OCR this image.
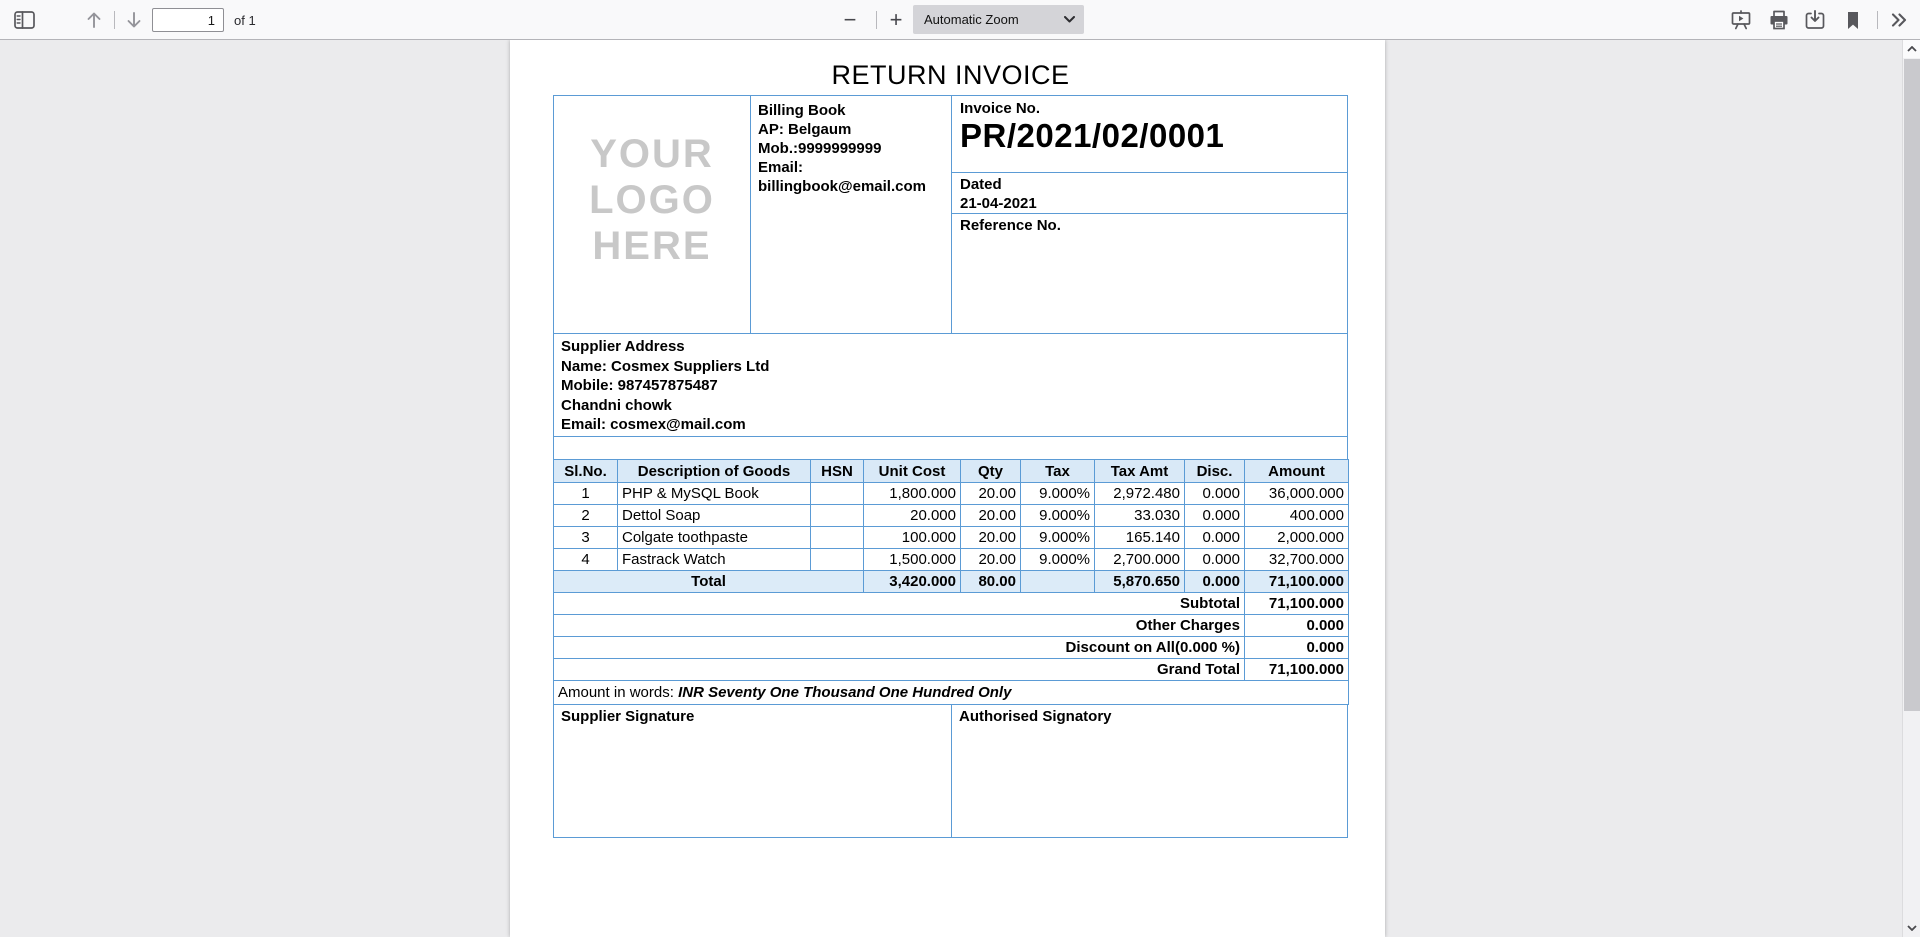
1
of 1	−	+	Automatic Zoom
RETURN INVOICE
YOUR
LOGO
HERE
Billing Book
AP: Belgaum
Mob.:9999999999
Email:
billingbook@email.com
Invoice No.
PR/2021/02/0001
Dated
21-04-2021
Reference No.
Supplier Address
Name: Cosmex Suppliers Ltd
Mobile: 987457875487
Chandni chowk
Email: cosmex@mail.com
Sl.No.	Description of Goods	HSN	Unit Cost	Qty	Tax	Tax Amt	Disc.	Amount
1	PHP & MySQL Book		1,800.000	20.00	9.000%	2,972.480	0.000	36,000.000
2	Dettol Soap		20.000	20.00	9.000%	33.030	0.000	400.000
3	Colgate toothpaste		100.000	20.00	9.000%	165.140	0.000	2,000.000
4	Fastrack Watch		1,500.000	20.00	9.000%	2,700.000	0.000	32,700.000
Total			3,420.000	80.00		5,870.650	0.000	71,100.000
Subtotal								71,100.000
Other Charges								0.000
Discount on All(0.000 %)								0.000
Grand Total								71,100.000
Amount in words: INR Seventy One Thousand One Hundred Only								
Supplier Signature	Authorised Signatory
